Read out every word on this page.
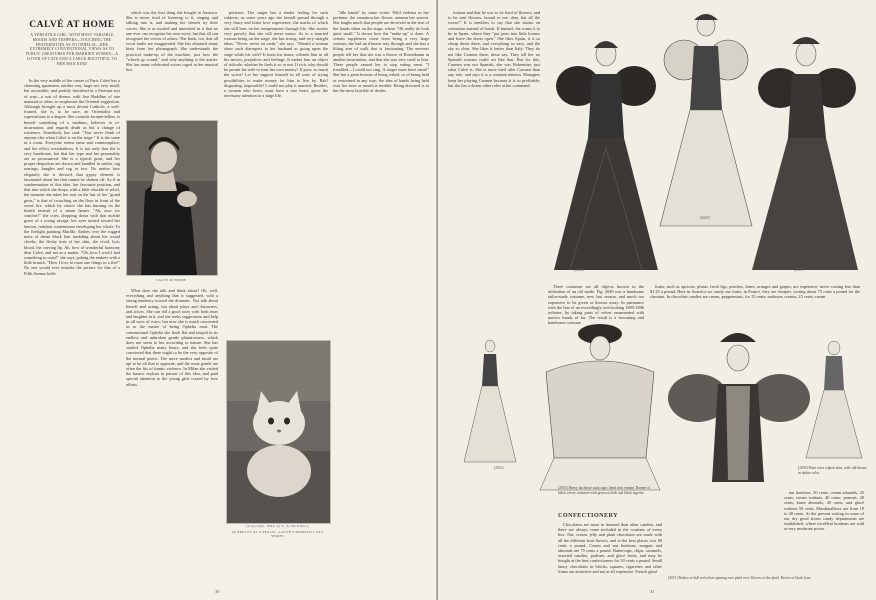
CALVÉ AT HOME
A VERSATILE GIRL, WITH MOST VARIABLE MOODS AND TEMPERS—TOUCHING THE FRATERNITIES AS TO OPHELIA—HER EXTREMELY CONVENTIONAL VIEWS AS TO PUBLIC CREATURES FOR MARRIED WOMEN—A LOVER OF CATS AND A LARGE BOUNTIFUL TO HER MAN KIND

In the very middle of the centre of Paris Calvé has a charming apartment, neither very large nor very small, but accessible, and prettily furnished in a Parisian sort of way—a sort of dream, with five Buddhas of one material or other, to emphasize the Oriental suggestion. Although brought up a most devout Catholic, a well-framed, she is, to be sure, an Orientalist and superstitious to a degree. She consults fortune-tellers, is herself something of a medium, believes in re-incarnation, and regards death as but a change of existence. Somebody has said: "You never think of anyone else when Calvé is on the stage." It is the same in a room. Everyone seems tame and commonplace, and her effect overshadows. It is not only that she is very handsome, but that her type and her personality are so pronounced. She is a typical great, and her proper despotism are shown and handled in smiles, tug earrings, bangles and rug or two. No matter how elegantly she is dressed, that gypsy element is fascinated about her that cannot be shaken off. As if in condemnation of this idea, her favourite position, and that into which she drops, with a little chuckle of relief, the moment she takes her seat on the last of her "grand gests," is that of crouching on the floor in front of the wood fire, which by choice she has burning on the hearth instead of a steam heater. "Ah, now for comfort!" she cries, dropping down with that mobile grace of a young savage, her eyes turned toward her fancies, indolent contentment enveloping her whole. To the firelight painting Marillic flashes over the rugged mass of dense black hair tumbling about her round cheeks, the fleshy tints of her skin, the vivid, lyric blood, the curving lip. Ah, how of wonderful harmony dear Calvé, and not as a matter. "Oh, how I wish I had something to roast!" she says, poking the embers with a little branch. "How I love to roast one things in a fire!" No one would ever mistake the picture for that of a Fifth Avenue belle.

CALVÉ AT HOME

which was the first thing she bought in America. She is never tired of listening to it, singing and talking into it, and making her friends try their voices. She is as excited and interested in it that no one ever can recognize his own voice, but that all can recognize the voices of others. The finds, too, that all vocal faults are exaggerated. She has obtained many hints from her phonograph. She understands the practical make-up of the machine, just how the "wheels go round," and why anything is the matter. She has many celebrated voices caged in her musical box.

What does she talk and think about? Oh, well, everything and anything that is suggested, with a strong tendency toward the dramatic. Not talk about herself and acting, but about plays and characters, and actors. She can tell a good story with both tears and laughter in it, and she seeks suggestions and help in all sorts of ways; but now she is much concerned as to the matter of being Ophelia mad. The conventional Ophelia she finds flat and insipid in its endless and unbroken gentle plaintiveness, which does not seem to her according to nature. She has studied Ophelia many hours, and she feels quite convinced that there ought to be the very opposite of the normal poetic. The more modest and timid are apt to be all that is opposite, and the most gentle are often the fits of frantic violence. In Milan she visited the lunatic asylum in pursuit of this idea, and paid special attention to the young girls crazed by love affairs.

perience. The singer has a tender feeling for such subjects, as some years ago she herself passed through a very fancy and bitter love experience, the marks of which she will bear on her temperament through life. She asserts very gravely that she will never marry. As to a married woman being on the stage, she has strong, and very straight ideas. "Never, never on earth," she says. "Should a woman show such disrespect to her husband as going upon the stage while his wife? It hurts his honor, offends him in all his nerves, prejudices and feelings. It makes him an object of ridicule, whether he finds it so or not. If rich, why should he permit his wife to earn her own money? If poor, so much the worse! Let her support himself in all sorts of trying possibilities to make money for him to live by. Bah! disgusting, impossible! I could not play it married. Besides, a woman who loves, must have a true heart, gives the necessary attention to a stage life.

(Copyright, 1894, by L. A. De Kline.)
AT PRETTY AS A PEACH—CALVÉ'S DOMESTIC PET SERIES

"idle hands" by some writer. Wild verbena in her perfume, the carnation her flower, autumn her season. She laughs much that people are deceived in the size of her hands when on the stage, where "Oh really do look quite small." It shows how the "make-up" is done. A certain suppleness come from being a very large woman; she had an illusion way through and she has a lilting arm of walk that is fascinating. The nervous people tell her that she was a flower of Rozenbaum in another incarnation, and that she was very cruel to him. These people caused her to stop eating meat. "I trembled—I could not sing. A singer must have meat!" She has a great honour of being stilted, or of being held or restrained in any way; the idea of hands being held over her nose or mouth is terrible. Being drowned is to her the most horrible of deaths.

30

fortune and that he was to be fond of flowers, and to be sent flowers, bound to me, dear, but all the worse!" It is needless to say that she insists on cremation instead of burial. If burned, she wants it to be in Spain, where they "put peas into little houses and leave the doors open." She likes Spain, it is so cheap down there, and everything so easy, and the sky so clear. She likes it better than Italy. They do not like Carmen there, these say. They tell her no Spanish woman could act like that. But for this, Carmen was not Spanish, she was Bohemian, just what Calvé is. She is more tired after Carmen than any role, and says it is a constant tension. Managers keep her playing Carmen because it is so profitable; but she has a dozen other roles at her command.

[2048]
[2049]
[2047]

Three costumes are all objects known in the utilization of an old mode. Fig. 2049 was a handsome tailor-made costume, new last season, and much too expensive to be given or thrown away. In pursuance with the line of an exceedingly rich-looking 1895-1896 toilettes, by taking parts of velvet ornamented with narrow bands of fur. The result is a becoming and handsome costume.

fruits, such as apricots, plums, fresh figs, peaches, limes, oranges and grapes, are expensive, never costing less than $1.25 a pound. Here in America we candy our fruits; in France, they are cheaper, costing about 75 cents a pound for the chestnut. In chocolate candies are cream, peppermints, for 15 cents; molasses creams, 25 cents; cream

[2052]
[2053] Heavy duchesse satin cape, lined with ermine. Bonnet of black velvet, trimmed with green orchids and black aigrette.
[2050] Plain color crêpon skirt, with silk blouse in darker color.
[2051] Bodice of dull red velvet opening over plaid vest. Sleeves of the plaid. Revers of black lynx.
CONFECTIONERY

Chocolates are more in demand than other candies, and there are always come included in the contents of every box. Nut, cream, jelly and plain chocolates are made with all the different fruit flavors, and at the best places cost 80 cents a pound. Cream and nut bonbons, nougats and almonds are 75 cents a pound. Buttercups, chips, caramels, assorted candies, pralines, and glacé fruits, and may be bought at the best confectioners for 50 cents a pound. Small fancy chocolates in blocks, squares, cigarettes and other forms are attractive and not at all expensive. French glacé

nut bonbons, 30 cents; cream almonds, 25 cents; cream walnuts, 40 cents; peanuts, 20 cents; burnt almonds, 40 cents; and glacé walnuts 50 cents. Marshmallows are from 18 to 40 cents. At the present writing in some of our dry good stores candy departments are established, where excellent bonbons are sold at very moderate prices.

31
